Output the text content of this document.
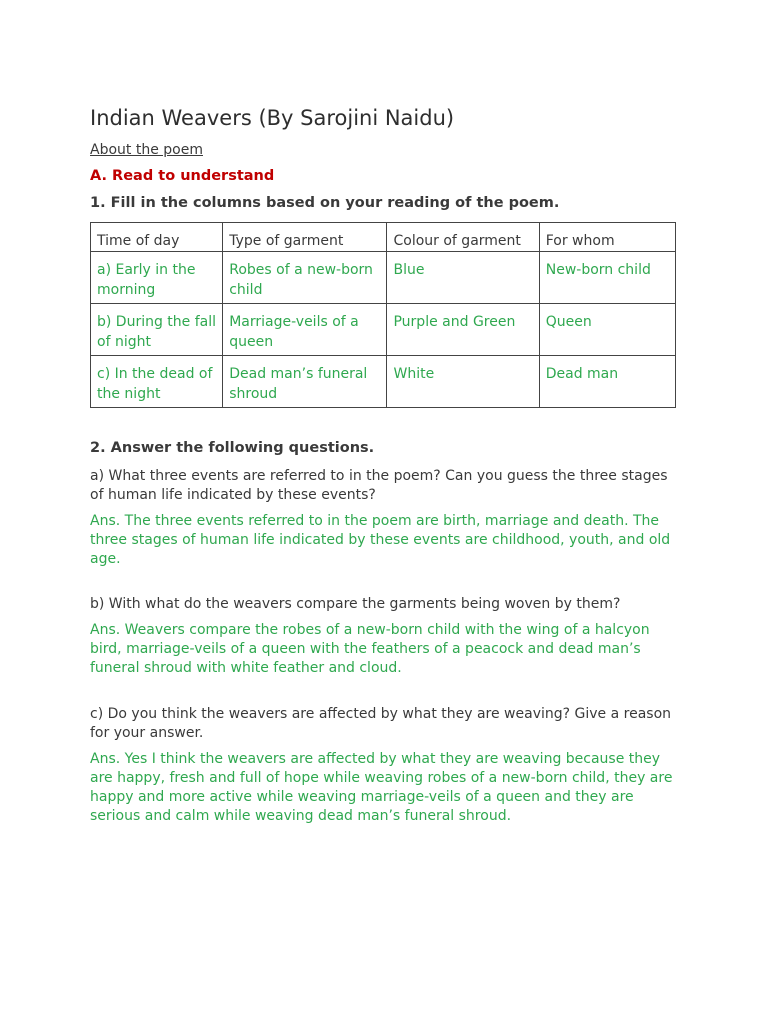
Indian Weavers (By Sarojini Naidu)
About the poem
A. Read to understand
1. Fill in the columns based on your reading of the poem.
Time of day	Type of garment	Colour of garment	For whom
a) Early in the morning	Robes of a new-born child	Blue	New-born child
b) During the fall of night	Marriage-veils of a queen	Purple and Green	Queen
c) In the dead of the night	Dead man’s funeral shroud	White	Dead man
2. Answer the following questions.
a) What three events are referred to in the poem? Can you guess the three stages of human life indicated by these events?
Ans. The three events referred to in the poem are birth, marriage and death. The three stages of human life indicated by these events are childhood, youth, and old age.
b) With what do the weavers compare the garments being woven by them?
Ans. Weavers compare the robes of a new-born child with the wing of a halcyon bird, marriage-veils of a queen with the feathers of a peacock and dead man’s funeral shroud with white feather and cloud.
c) Do you think the weavers are affected by what they are weaving? Give a reason for your answer.
Ans. Yes I think the weavers are affected by what they are weaving because they are happy, fresh and full of hope while weaving robes of a new-born child, they are happy and more active while weaving marriage-veils of a queen and they are serious and calm while weaving dead man’s funeral shroud.
